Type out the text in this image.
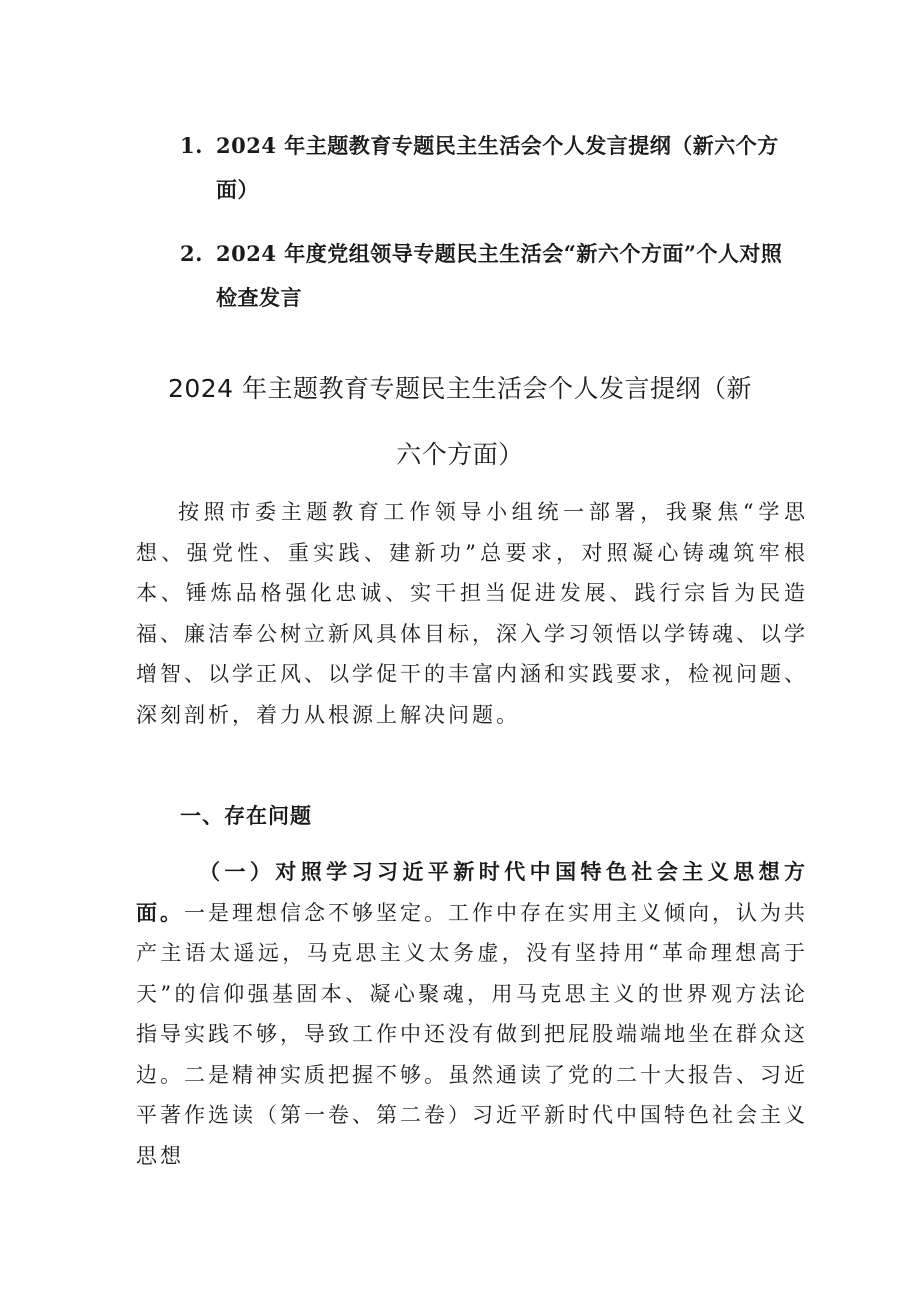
1. 2024 年主题教育专题民主生活会个人发言提纲（新六个方面）
2. 2024 年度党组领导专题民主生活会“新六个方面”个人对照检查发言
2024 年主题教育专题民主生活会个人发言提纲（新
六个方面）

按照市委主题教育工作领导小组统一部署，我聚焦“学思想、强党性、重实践、建新功”总要求，对照凝心铸魂筑牢根本、锤炼品格强化忠诚、实干担当促进发展、践行宗旨为民造福、廉洁奉公树立新风具体目标，深入学习领悟以学铸魂、以学增智、以学正风、以学促干的丰富内涵和实践要求，检视问题、深刻剖析，着力从根源上解决问题。

一、存在问题

（一）对照学习习近平新时代中国特色社会主义思想方面。一是理想信念不够坚定。工作中存在实用主义倾向，认为共产主语太遥远，马克思主义太务虚，没有坚持用“革命理想高于天”的信仰强基固本、凝心聚魂，用马克思主义的世界观方法论指导实践不够，导致工作中还没有做到把屁股端端地坐在群众这边。二是精神实质把握不够。虽然通读了党的二十大报告、习近平著作选读（第一卷、第二卷）习近平新时代中国特色社会主义思想
